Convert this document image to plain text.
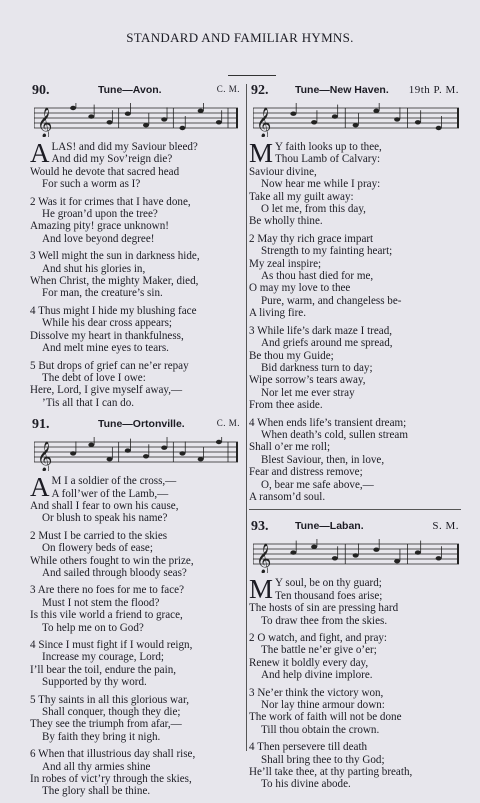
STANDARD AND FAMILIAR HYMNS.
90.	Tune—Avon.	C. M.
𝄞
A LAS! and did my Saviour bleed?
And did my Sov’reign die?
Would he devote that sacred head
For such a worm as I?
2 Was it for crimes that I have done,
He groan’d upon the tree?
Amazing pity! grace unknown!
And love beyond degree!
3 Well might the sun in darkness hide,
And shut his glories in,
When Christ, the mighty Maker, died,
For man, the creature’s sin.
4 Thus might I hide my blushing face
While his dear cross appears;
Dissolve my heart in thankfulness,
And melt mine eyes to tears.
5 But drops of grief can ne’er repay
The debt of love I owe:
Here, Lord, I give myself away,—
’Tis all that I can do.
91.	Tune—Ortonville.	C. M.
𝄞
A M I a soldier of the cross,—
A foll’wer of the Lamb,—
And shall I fear to own his cause,
Or blush to speak his name?
2 Must I be carried to the skies
On flowery beds of ease;
While others fought to win the prize,
And sailed through bloody seas?
3 Are there no foes for me to face?
Must I not stem the flood?
Is this vile world a friend to grace,
To help me on to God?
4 Since I must fight if I would reign,
Increase my courage, Lord;
I’ll bear the toil, endure the pain,
Supported by thy word.
5 Thy saints in all this glorious war,
Shall conquer, though they die;
They see the triumph from afar,—
By faith they bring it nigh.
6 When that illustrious day shall rise,
And all thy armies shine
In robes of vict’ry through the skies,
The glory shall be thine.
92.	Tune—New Haven. 19th P. M.
𝄞
M Y faith looks up to thee,
Thou Lamb of Calvary:
Saviour divine,
Now hear me while I pray:
Take all my guilt away:
O let me, from this day,
Be wholly thine.
2 May thy rich grace impart
Strength to my fainting heart;
My zeal inspire;
As thou hast died for me,
O may my love to thee
Pure, warm, and changeless be-
A living fire.
3 While life’s dark maze I tread,
And griefs around me spread,
Be thou my Guide;
Bid darkness turn to day;
Wipe sorrow’s tears away,
Nor let me ever stray
From thee aside.
4 When ends life’s transient dream;
When death’s cold, sullen stream
Shall o’er me roll;
Blest Saviour, then, in love,
Fear and distress remove;
O, bear me safe above,—
A ransom’d soul.
93.	Tune—Laban.	S. M.
𝄞
M Y soul, be on thy guard;
Ten thousand foes arise;
The hosts of sin are pressing hard
To draw thee from the skies.
2 O watch, and fight, and pray:
The battle ne’er give o’er;
Renew it boldly every day,
And help divine implore.
3 Ne’er think the victory won,
Nor lay thine armour down:
The work of faith will not be done
Till thou obtain the crown.
4 Then persevere till death
Shall bring thee to thy God;
He’ll take thee, at thy parting breath,
To his divine abode.
